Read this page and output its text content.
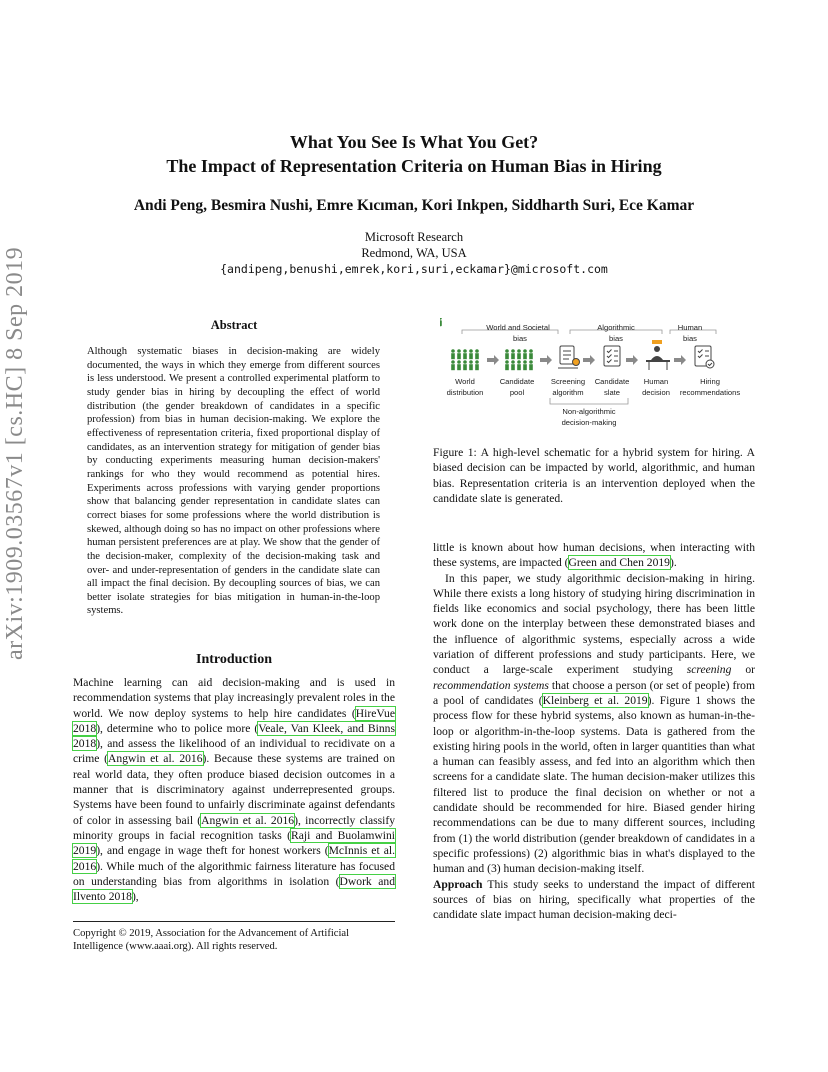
arXiv:1909.03567v1 [cs.HC] 8 Sep 2019
What You See Is What You Get?
The Impact of Representation Criteria on Human Bias in Hiring
Andi Peng, Besmira Nushi, Emre Kıcıman, Kori Inkpen, Siddharth Suri, Ece Kamar
Microsoft Research
Redmond, WA, USA
{andipeng,benushi,emrek,kori,suri,eckamar}@microsoft.com
Abstract
Although systematic biases in decision-making are widely documented, the ways in which they emerge from different sources is less understood. We present a controlled experimental platform to study gender bias in hiring by decoupling the effect of world distribution (the gender breakdown of candidates in a specific profession) from bias in human decision-making. We explore the effectiveness of representation criteria, fixed proportional display of candidates, as an intervention strategy for mitigation of gender bias by conducting experiments measuring human decision-makers' rankings for who they would recommend as potential hires. Experiments across professions with varying gender proportions show that balancing gender representation in candidate slates can correct biases for some professions where the world distribution is skewed, although doing so has no impact on other professions where human persistent preferences are at play. We show that the gender of the decision-maker, complexity of the decision-making task and over- and under-representation of genders in the candidate slate can all impact the final decision. By decoupling sources of bias, we can better isolate strategies for bias mitigation in human-in-the-loop systems.
Introduction

Machine learning can aid decision-making and is used in recommendation systems that play increasingly prevalent roles in the world. We now deploy systems to help hire candidates (HireVue 2018), determine who to police more (Veale, Van Kleek, and Binns 2018), and assess the likelihood of an individual to recidivate on a crime (Angwin et al. 2016). Because these systems are trained on real world data, they often produce biased decision outcomes in a manner that is discriminatory against underrepresented groups. Systems have been found to unfairly discriminate against defendants of color in assessing bail (Angwin et al. 2016), incorrectly classify minority groups in facial recognition tasks (Raji and Buolamwini 2019), and engage in wage theft for honest workers (McInnis et al. 2016). While much of the algorithmic fairness literature has focused on understanding bias from algorithms in isolation (Dwork and Ilvento 2018),

Copyright © 2019, Association for the Advancement of Artificial Intelligence (www.aaai.org). All rights reserved.
World and Societal bias
Algorithmic bias
Human bias
World distribution
Candidate pool
Screening algorithm
Candidate slate
Human decision
Hiring recommendations
Non-algorithmic decision-making
Figure 1: A high-level schematic for a hybrid system for hiring. A biased decision can be impacted by world, algorithmic, and human bias. Representation criteria is an intervention deployed when the candidate slate is generated.

little is known about how human decisions, when interacting with these systems, are impacted (Green and Chen 2019).

In this paper, we study algorithmic decision-making in hiring. While there exists a long history of studying hiring discrimination in fields like economics and social psychology, there has been little work done on the interplay between these demonstrated biases and the influence of algorithmic systems, especially across a wide variation of different professions and study participants. Here, we conduct a large-scale experiment studying screening or recommendation systems that choose a person (or set of people) from a pool of candidates (Kleinberg et al. 2019). Figure 1 shows the process flow for these hybrid systems, also known as human-in-the-loop or algorithm-in-the-loop systems. Data is gathered from the existing hiring pools in the world, often in larger quantities than what a human can feasibly assess, and fed into an algorithm which then screens for a candidate slate. The human decision-maker utilizes this filtered list to produce the final decision on whether or not a candidate should be recommended for hire. Biased gender hiring recommendations can be due to many different sources, including from (1) the world distribution (gender breakdown of candidates in a specific professions) (2) algorithmic bias in what's displayed to the human and (3) human decision-making itself.

Approach This study seeks to understand the impact of different sources of bias on hiring, specifically what properties of the candidate slate impact human decision-making deci-
